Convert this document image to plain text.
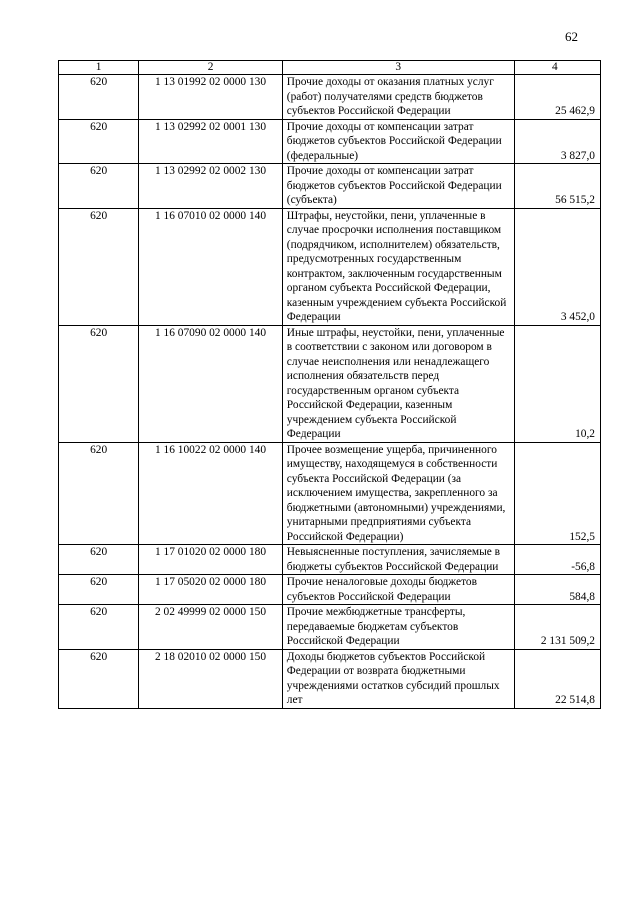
62
1	2	3	4
620	1 13 01992 02 0000 130	Прочие доходы от оказания платных услуг (работ) получателями средств бюджетов субъектов Российской Федерации	25 462,9
620	1 13 02992 02 0001 130	Прочие доходы от компенсации затрат бюджетов субъектов Российской Федерации (федеральные)	3 827,0
620	1 13 02992 02 0002 130	Прочие доходы от компенсации затрат бюджетов субъектов Российской Федерации (субъекта)	56 515,2
620	1 16 07010 02 0000 140	Штрафы, неустойки, пени, уплаченные в случае просрочки исполнения поставщиком (подрядчиком, исполнителем) обязательств, предусмотренных государственным контрактом, заключенным государственным органом субъекта Российской Федерации, казенным учреждением субъекта Российской Федерации	3 452,0
620	1 16 07090 02 0000 140	Иные штрафы, неустойки, пени, уплаченные в соответствии с законом или договором в случае неисполнения или ненадлежащего исполнения обязательств перед государственным органом субъекта Российской Федерации, казенным учреждением субъекта Российской Федерации	10,2
620	1 16 10022 02 0000 140	Прочее возмещение ущерба, причиненного имуществу, находящемуся в собственности субъекта Российской Федерации (за исключением имущества, закрепленного за бюджетными (автономными) учреждениями, унитарными предприятиями субъекта Российской Федерации)	152,5
620	1 17 01020 02 0000 180	Невыясненные поступления, зачисляемые в бюджеты субъектов Российской Федерации	-56,8
620	1 17 05020 02 0000 180	Прочие неналоговые доходы бюджетов субъектов Российской Федерации	584,8
620	2 02 49999 02 0000 150	Прочие межбюджетные трансферты, передаваемые бюджетам субъектов Российской Федерации	2 131 509,2
620	2 18 02010 02 0000 150	Доходы бюджетов субъектов Российской Федерации от возврата бюджетными учреждениями остатков субсидий прошлых лет	22 514,8
